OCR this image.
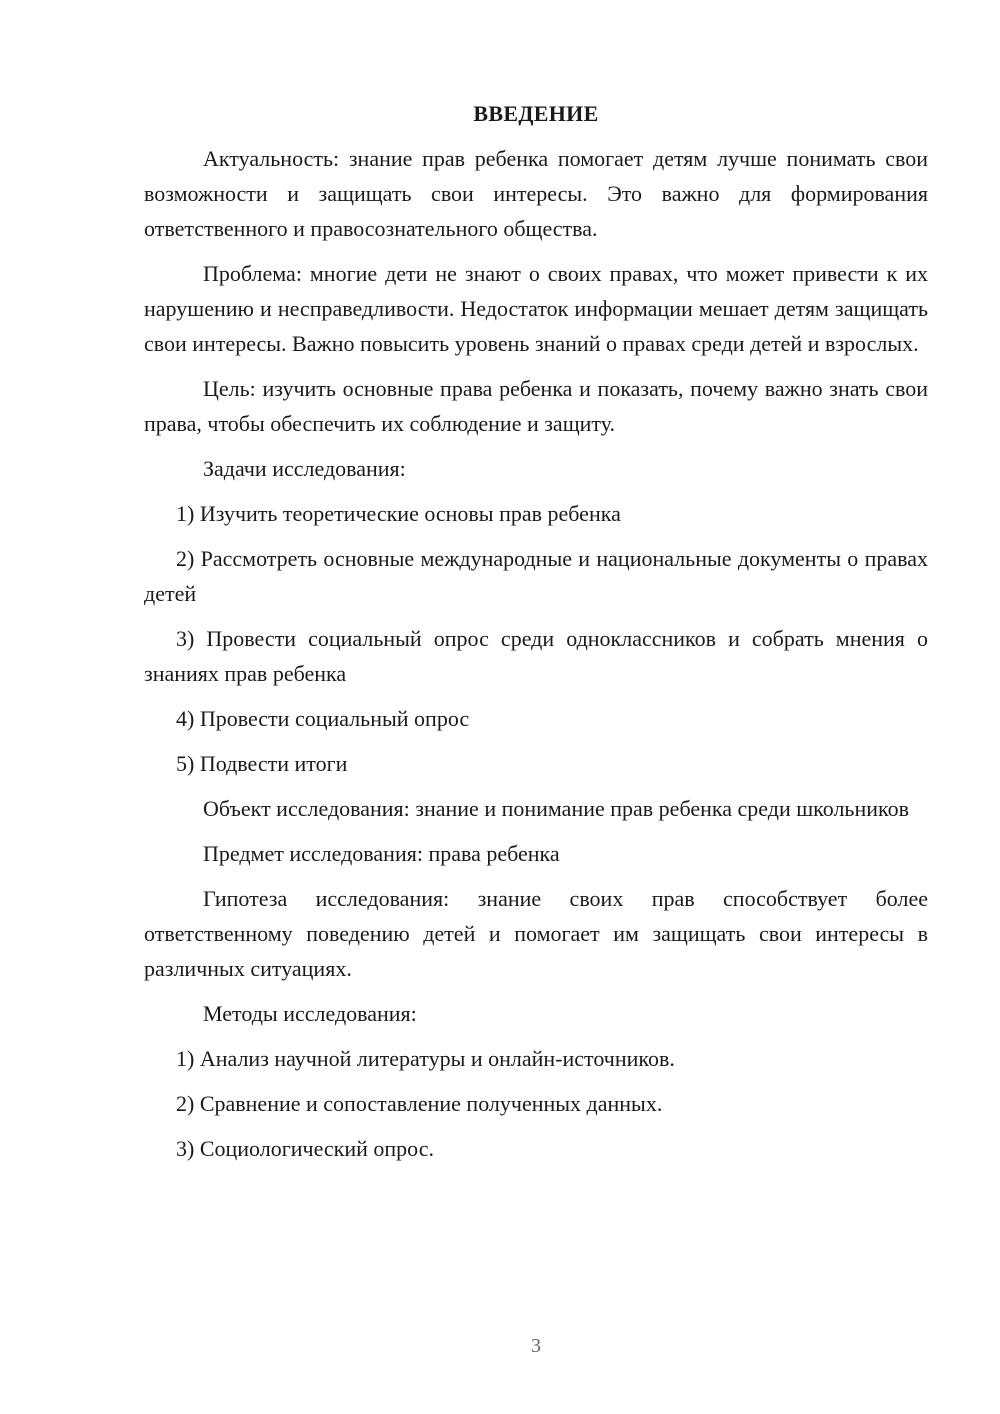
ВВЕДЕНИЕ

Актуальность: знание прав ребенка помогает детям лучше понимать свои возможности и защищать свои интересы. Это важно для формирования ответственного и правосознательного общества.

Проблема: многие дети не знают о своих правах, что может привести к их нарушению и несправедливости. Недостаток информации мешает детям защищать свои интересы. Важно повысить уровень знаний о правах среди детей и взрослых.

Цель: изучить основные права ребенка и показать, почему важно знать свои права, чтобы обеспечить их соблюдение и защиту.

Задачи исследования:

1) Изучить теоретические основы прав ребенка

2) Рассмотреть основные международные и национальные документы о правах детей

3) Провести социальный опрос среди одноклассников и собрать мнения о знаниях прав ребенка

4) Провести социальный опрос

5) Подвести итоги

Объект исследования: знание и понимание прав ребенка среди школьников

Предмет исследования: права ребенка

Гипотеза исследования: знание своих прав способствует более ответственному поведению детей и помогает им защищать свои интересы в различных ситуациях.

Методы исследования:

1) Анализ научной литературы и онлайн-источников.

2) Сравнение и сопоставление полученных данных.

3) Социологический опрос.

3
